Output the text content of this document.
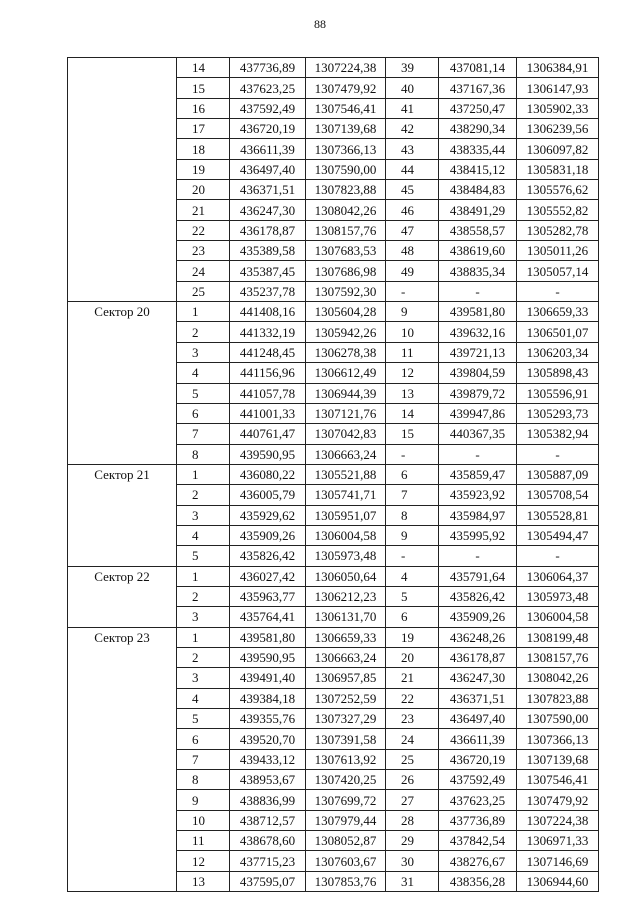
88
	14	437736,89	1307224,38	39	437081,14	1306384,91
	15	437623,25	1307479,92	40	437167,36	1306147,93
	16	437592,49	1307546,41	41	437250,47	1305902,33
	17	436720,19	1307139,68	42	438290,34	1306239,56
	18	436611,39	1307366,13	43	438335,44	1306097,82
	19	436497,40	1307590,00	44	438415,12	1305831,18
	20	436371,51	1307823,88	45	438484,83	1305576,62
	21	436247,30	1308042,26	46	438491,29	1305552,82
	22	436178,87	1308157,76	47	438558,57	1305282,78
	23	435389,58	1307683,53	48	438619,60	1305011,26
	24	435387,45	1307686,98	49	438835,34	1305057,14
	25	435237,78	1307592,30	-	-	-
Сектор 20	1	441408,16	1305604,28	9	439581,80	1306659,33
	2	441332,19	1305942,26	10	439632,16	1306501,07
	3	441248,45	1306278,38	11	439721,13	1306203,34
	4	441156,96	1306612,49	12	439804,59	1305898,43
	5	441057,78	1306944,39	13	439879,72	1305596,91
	6	441001,33	1307121,76	14	439947,86	1305293,73
	7	440761,47	1307042,83	15	440367,35	1305382,94
	8	439590,95	1306663,24	-	-	-
Сектор 21	1	436080,22	1305521,88	6	435859,47	1305887,09
	2	436005,79	1305741,71	7	435923,92	1305708,54
	3	435929,62	1305951,07	8	435984,97	1305528,81
	4	435909,26	1306004,58	9	435995,92	1305494,47
	5	435826,42	1305973,48	-	-	-
Сектор 22	1	436027,42	1306050,64	4	435791,64	1306064,37
	2	435963,77	1306212,23	5	435826,42	1305973,48
	3	435764,41	1306131,70	6	435909,26	1306004,58
Сектор 23	1	439581,80	1306659,33	19	436248,26	1308199,48
	2	439590,95	1306663,24	20	436178,87	1308157,76
	3	439491,40	1306957,85	21	436247,30	1308042,26
	4	439384,18	1307252,59	22	436371,51	1307823,88
	5	439355,76	1307327,29	23	436497,40	1307590,00
	6	439520,70	1307391,58	24	436611,39	1307366,13
	7	439433,12	1307613,92	25	436720,19	1307139,68
	8	438953,67	1307420,25	26	437592,49	1307546,41
	9	438836,99	1307699,72	27	437623,25	1307479,92
	10	438712,57	1307979,44	28	437736,89	1307224,38
	11	438678,60	1308052,87	29	437842,54	1306971,33
	12	437715,23	1307603,67	30	438276,67	1307146,69
	13	437595,07	1307853,76	31	438356,28	1306944,60
